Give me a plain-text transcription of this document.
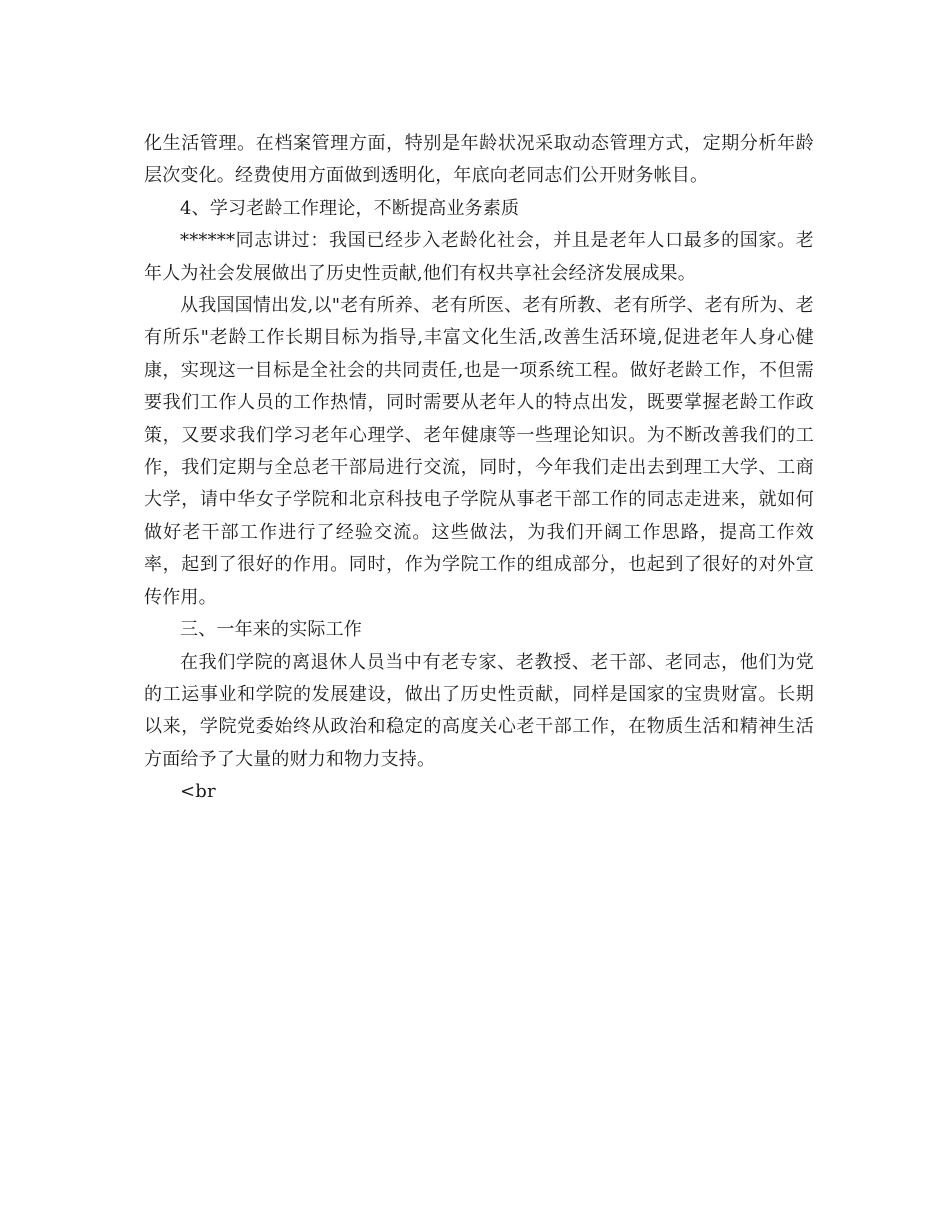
化生活管理。在档案管理方面，特别是年龄状况采取动态管理方式，定期分析年龄层次变化。经费使用方面做到透明化，年底向老同志们公开财务帐目。

4、学习老龄工作理论，不断提高业务素质

******同志讲过：我国已经步入老龄化社会，并且是老年人口最多的国家。老年人为社会发展做出了历史性贡献,他们有权共享社会经济发展成果。

从我国国情出发,以"老有所养、老有所医、老有所教、老有所学、老有所为、老有所乐"老龄工作长期目标为指导,丰富文化生活,改善生活环境,促进老年人身心健康，实现这一目标是全社会的共同责任,也是一项系统工程。做好老龄工作，不但需要我们工作人员的工作热情，同时需要从老年人的特点出发，既要掌握老龄工作政策，又要求我们学习老年心理学、老年健康等一些理论知识。为不断改善我们的工作，我们定期与全总老干部局进行交流，同时，今年我们走出去到理工大学、工商大学，请中华女子学院和北京科技电子学院从事老干部工作的同志走进来，就如何做好老干部工作进行了经验交流。这些做法，为我们开阔工作思路，提高工作效率，起到了很好的作用。同时，作为学院工作的组成部分，也起到了很好的对外宣传作用。

三、一年来的实际工作

在我们学院的离退休人员当中有老专家、老教授、老干部、老同志，他们为党的工运事业和学院的发展建设，做出了历史性贡献，同样是国家的宝贵财富。长期以来，学院党委始终从政治和稳定的高度关心老干部工作，在物质生活和精神生活方面给予了大量的财力和物力支持。

<br
